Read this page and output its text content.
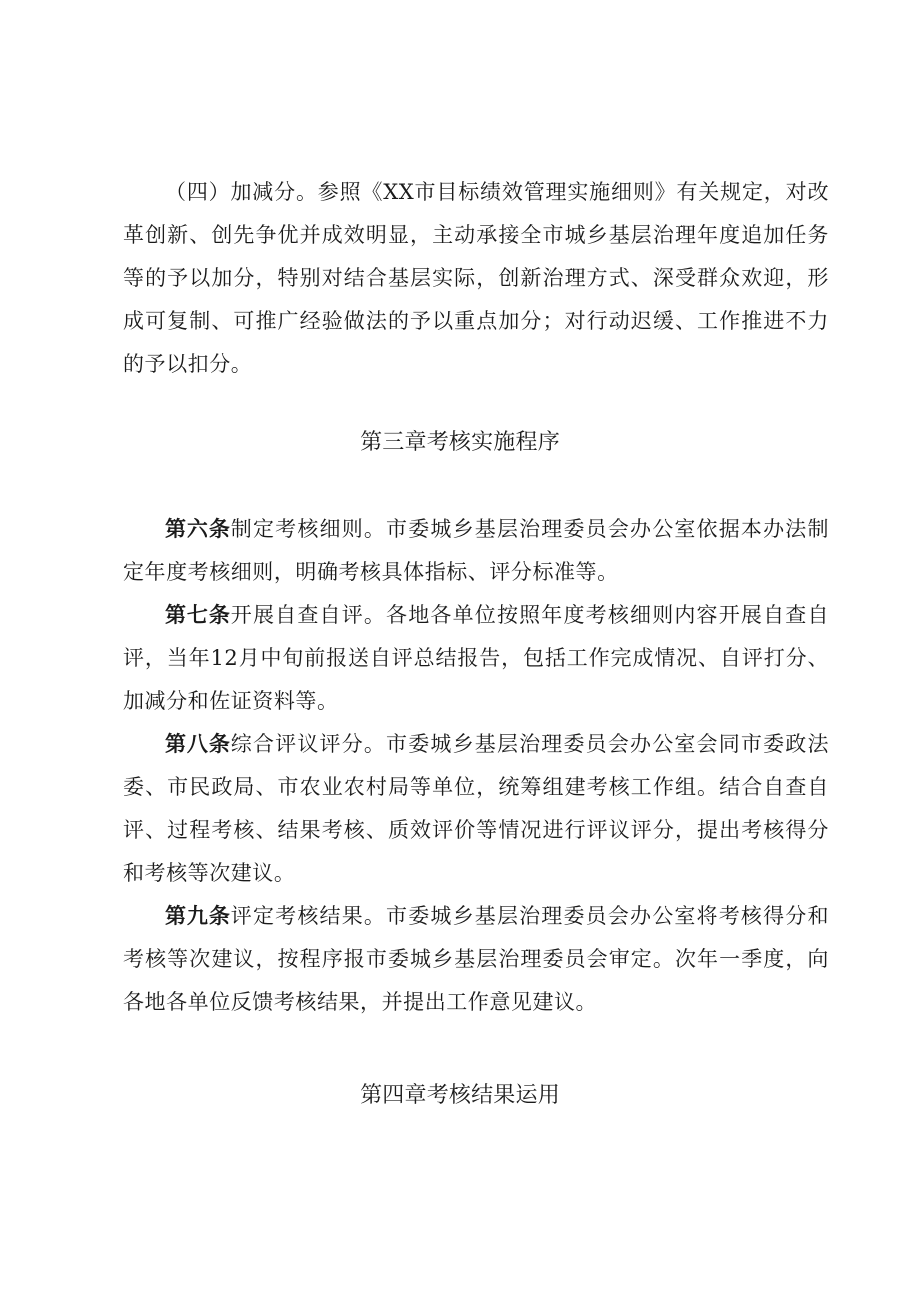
（四）加减分。参照《XX市目标绩效管理实施细则》有关规定，对改革创新、创先争优并成效明显，主动承接全市城乡基层治理年度追加任务等的予以加分，特别对结合基层实际，创新治理方式、深受群众欢迎，形成可复制、可推广经验做法的予以重点加分；对行动迟缓、工作推进不力的予以扣分。

第三章考核实施程序

第六条制定考核细则。市委城乡基层治理委员会办公室依据本办法制定年度考核细则，明确考核具体指标、评分标准等。

第七条开展自查自评。各地各单位按照年度考核细则内容开展自查自评，当年12月中旬前报送自评总结报告，包括工作完成情况、自评打分、加减分和佐证资料等。

第八条综合评议评分。市委城乡基层治理委员会办公室会同市委政法委、市民政局、市农业农村局等单位，统筹组建考核工作组。结合自查自评、过程考核、结果考核、质效评价等情况进行评议评分，提出考核得分和考核等次建议。

第九条评定考核结果。市委城乡基层治理委员会办公室将考核得分和考核等次建议，按程序报市委城乡基层治理委员会审定。次年一季度，向各地各单位反馈考核结果，并提出工作意见建议。

第四章考核结果运用
